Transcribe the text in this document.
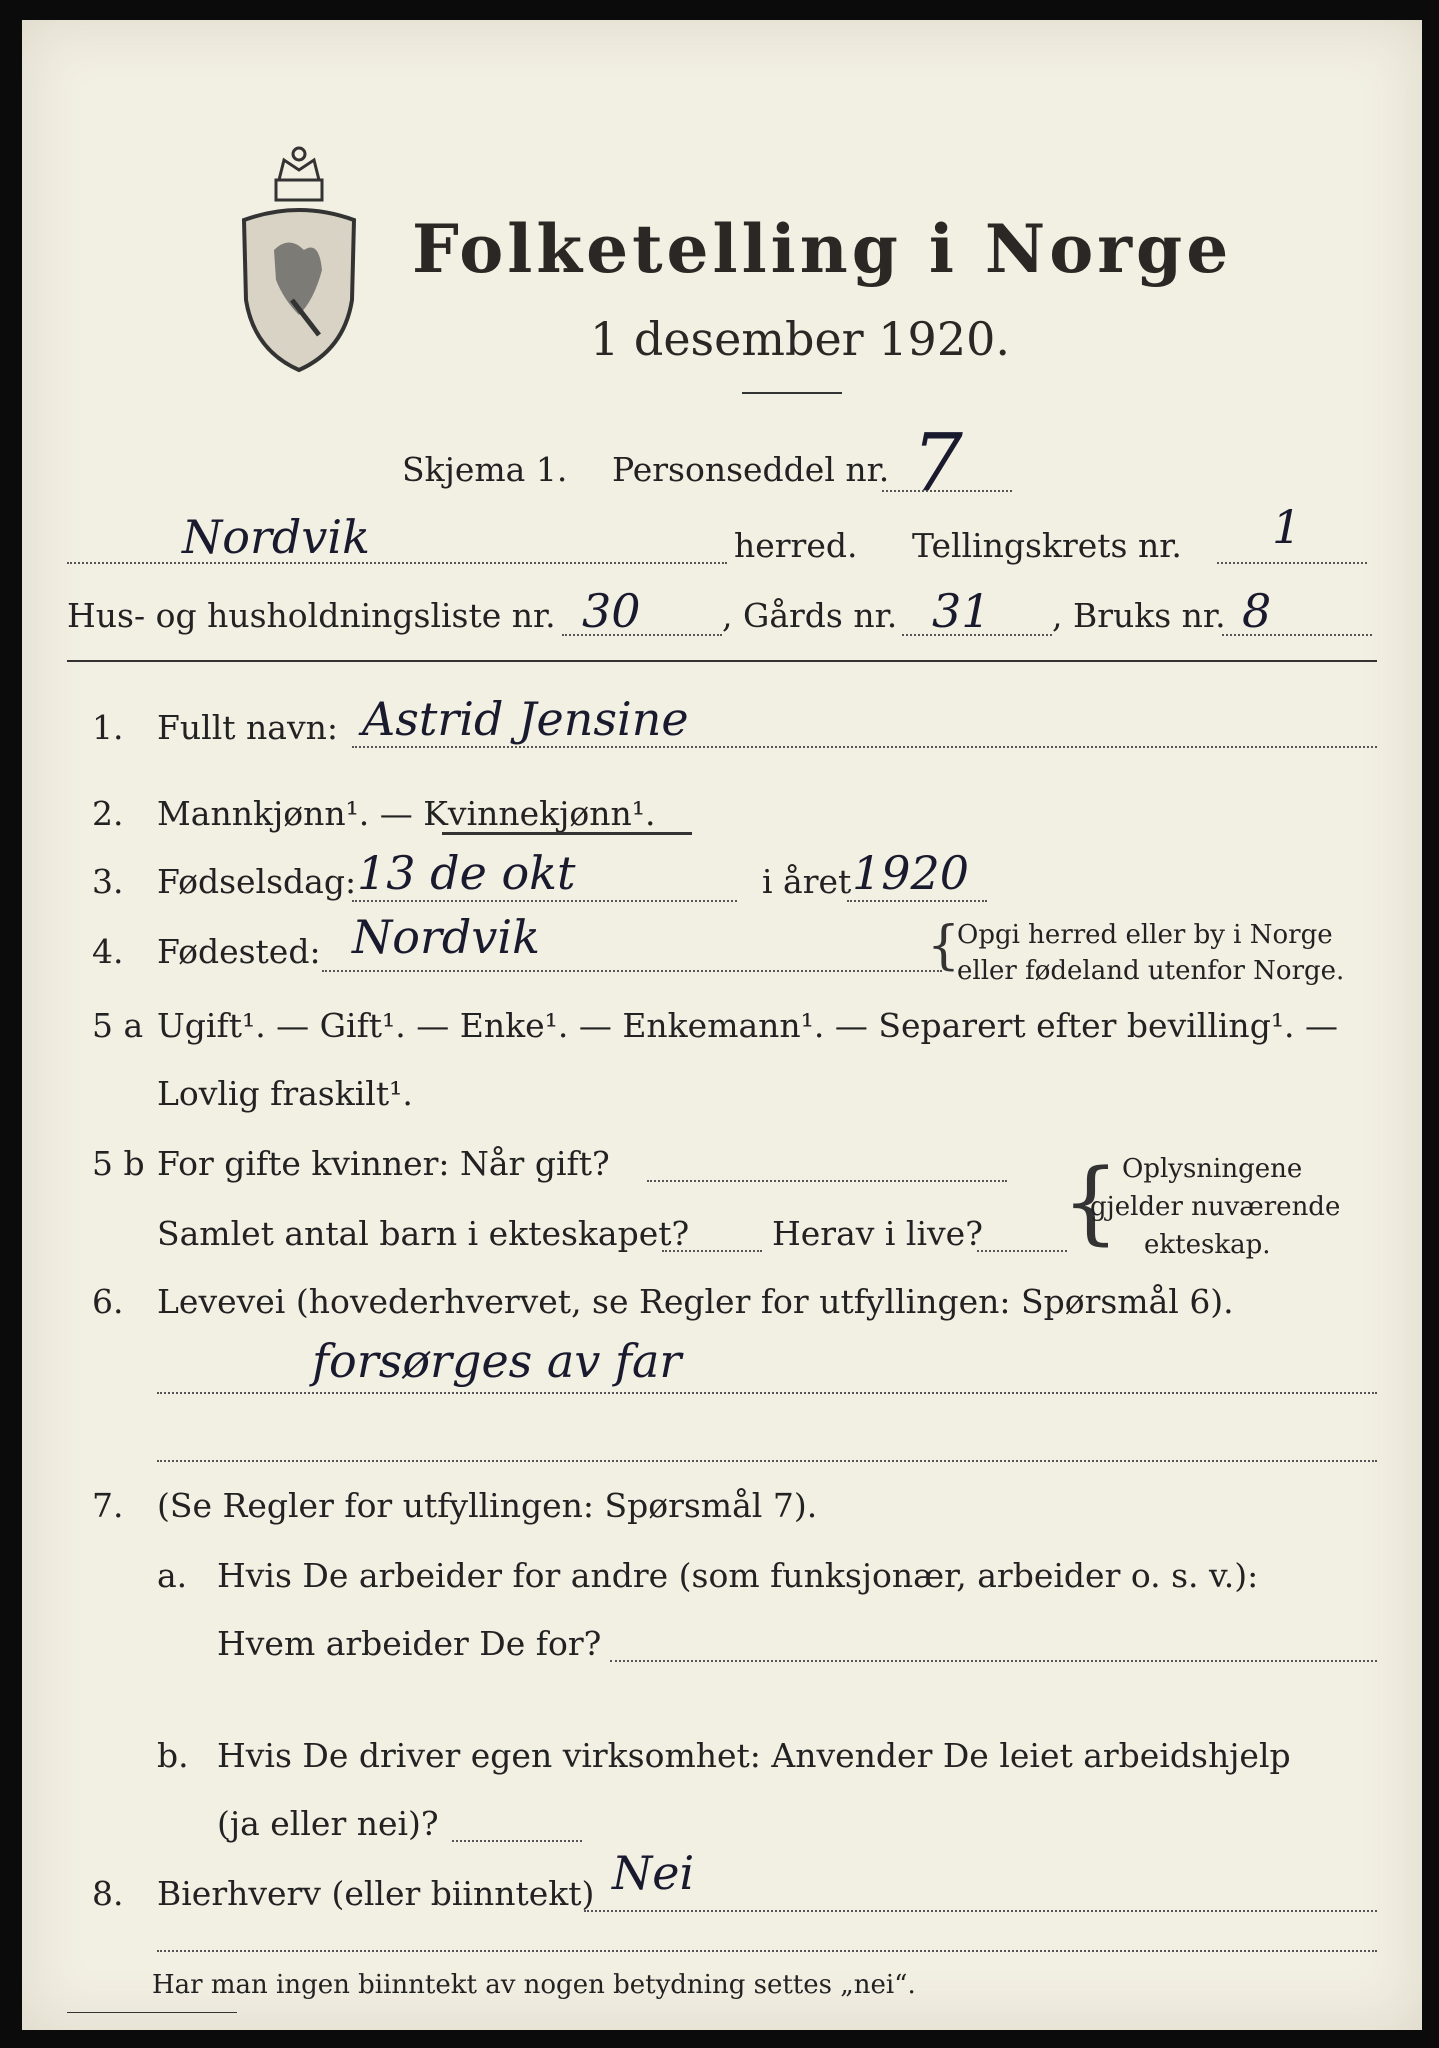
Folketelling i Norge
1 desember 1920.
Skjema 1. Personseddel nr. 7
Nordvik	herred. Tellingskrets nr. 1
Hus- og husholdningsliste nr. 30 , Gårds nr. 31 , Bruks nr. 8
1. Fullt navn: Astrid Jensine
2. Mannkjønn¹. — Kvinnekjønn¹.
3. Fødselsdag: 13 de okt	i året 1920
4. Fødested: Nordvik	{
Opgi herred eller by i Norge
eller fødeland utenfor Norge.
5 a Ugift¹. — Gift¹. — Enke¹. — Enkemann¹. — Separert efter bevilling¹. —
Lovlig fraskilt¹.
5 b For gifte kvinner: Når gift?
Samlet antal barn i ekteskapet?	Herav i live? { Oplysningene
gjelder nuværende
ekteskap.
6. Levevei (hovederhvervet, se Regler for utfyllingen: Spørsmål 6).
forsørges av far
7. (Se Regler for utfyllingen: Spørsmål 7).
a. Hvis De arbeider for andre (som funksjonær, arbeider o. s. v.):
Hvem arbeider De for?
b. Hvis De driver egen virksomhet: Anvender De leiet arbeidshjelp
(ja eller nei)?
8. Bierhverv (eller biinntekt) Nei
Har man ingen biinntekt av nogen betydning settes „nei“.
